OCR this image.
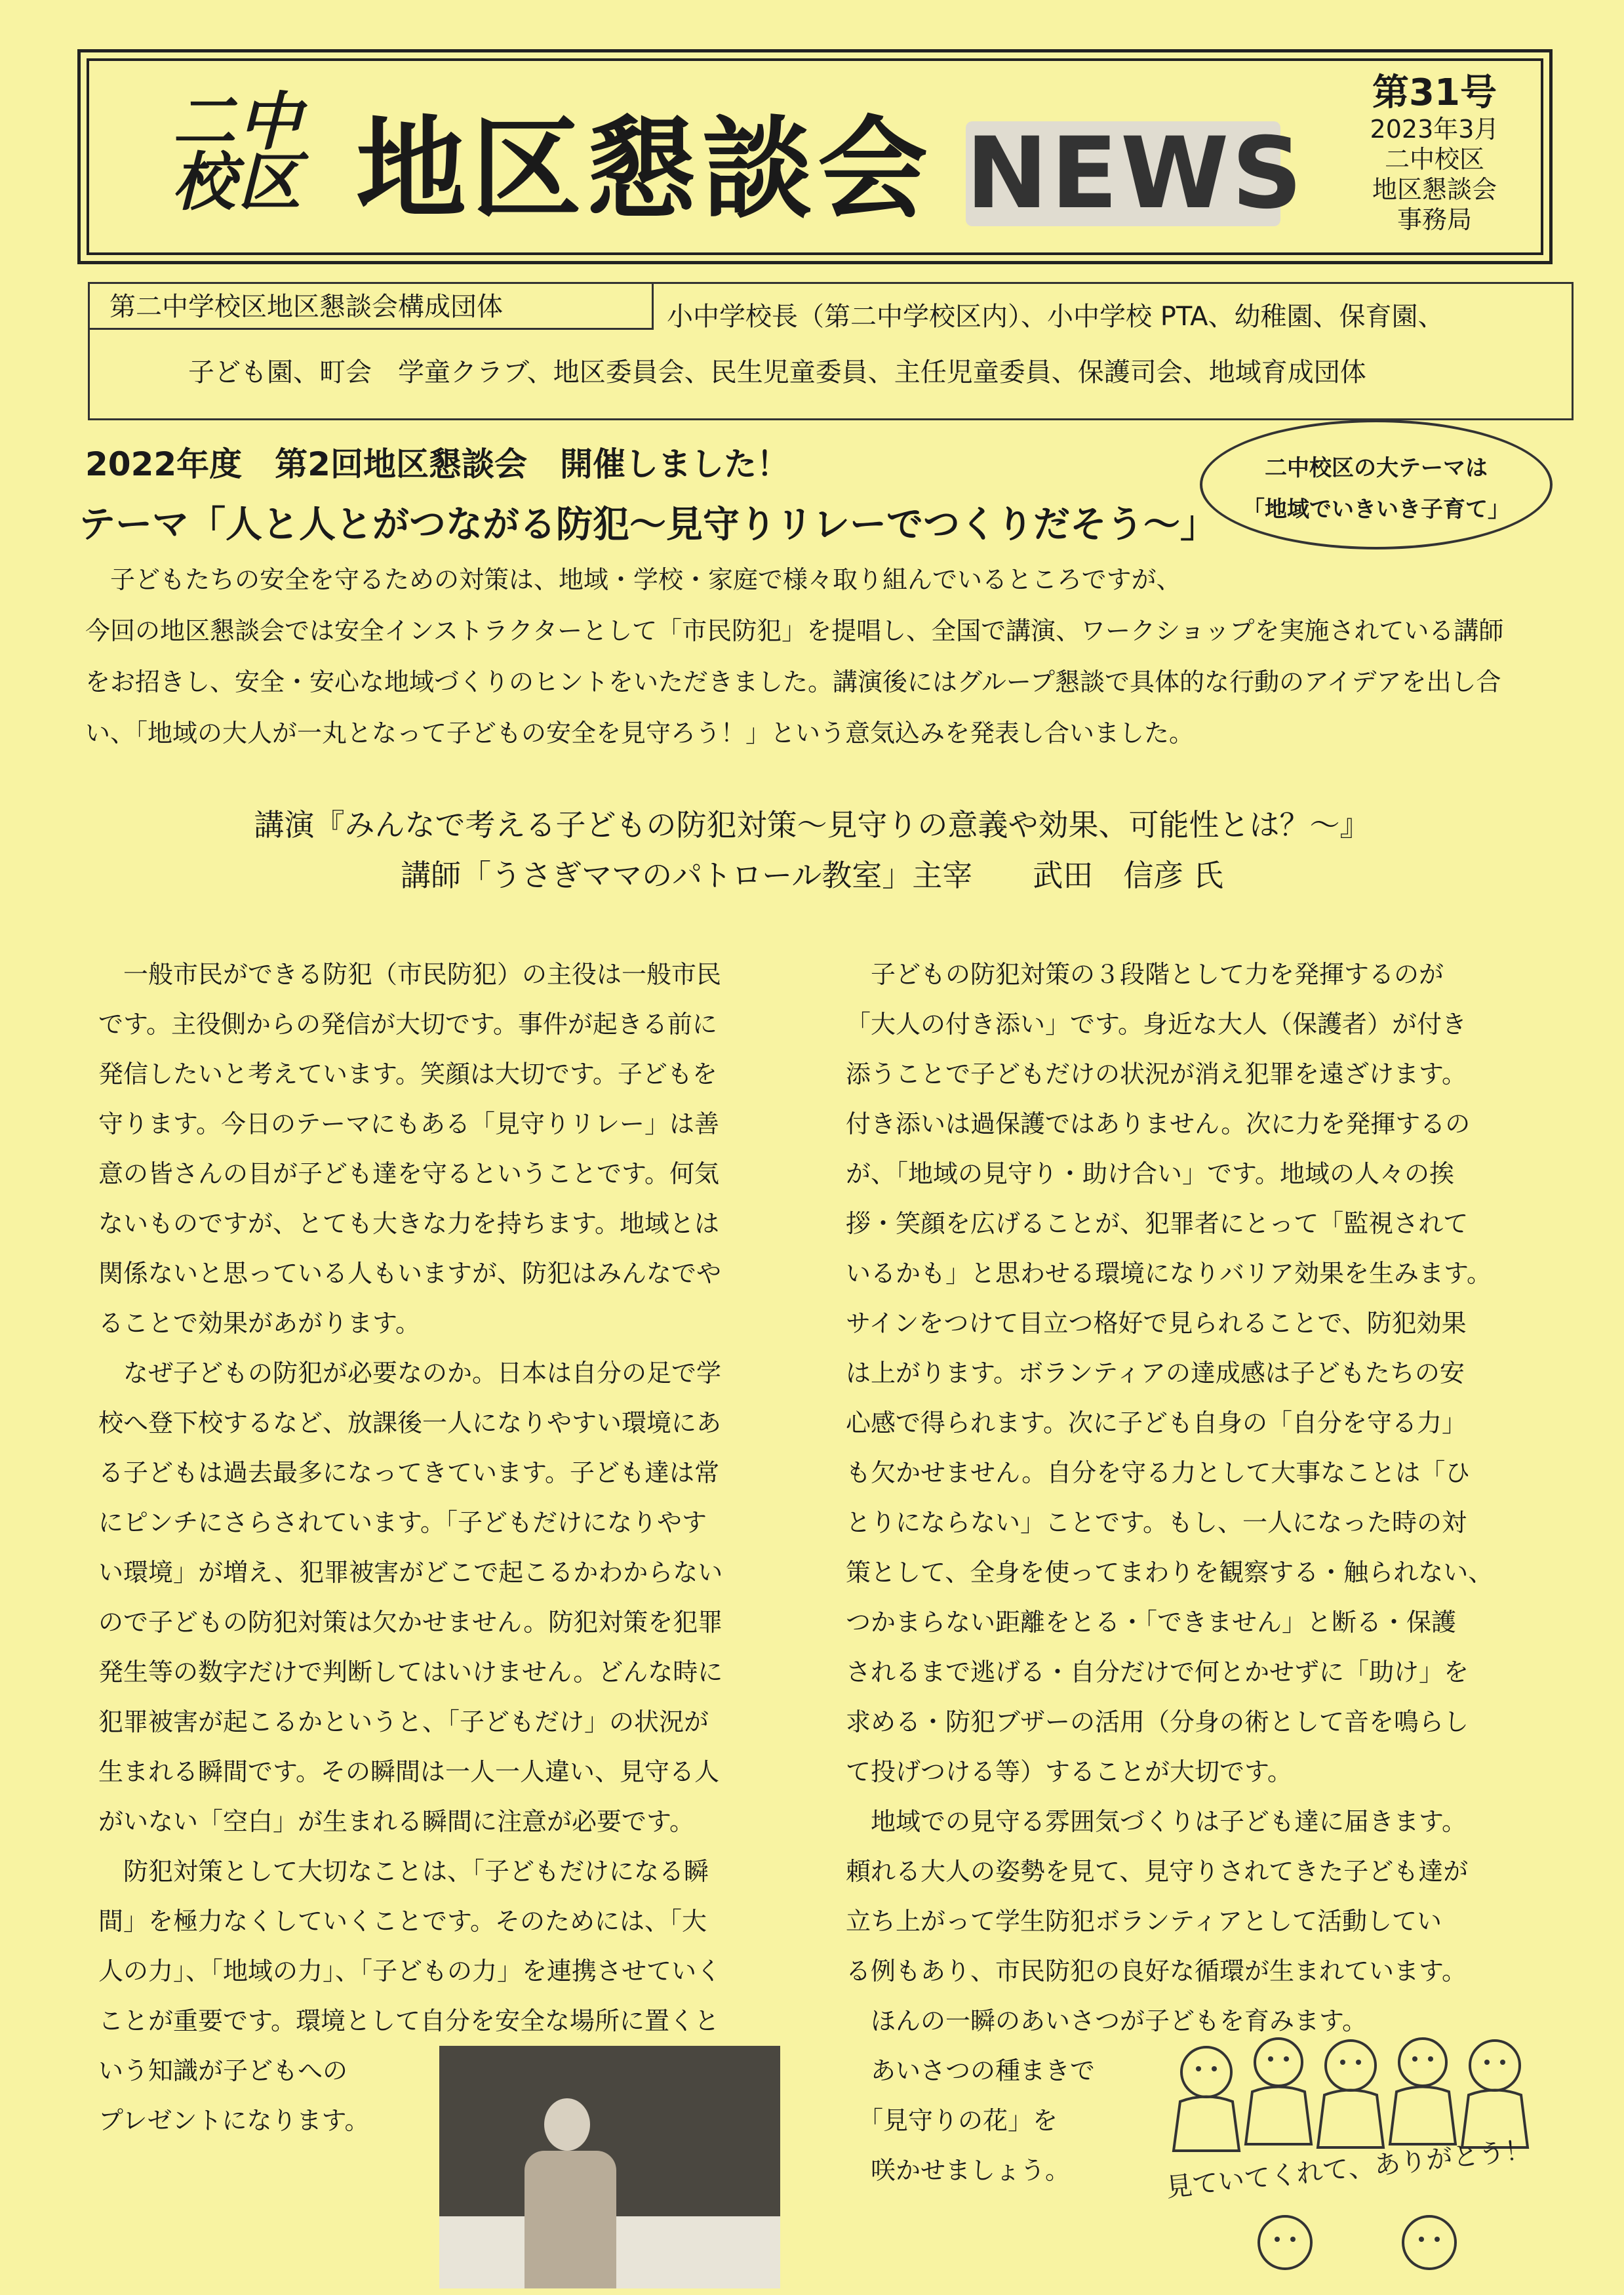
二中
校区 地区懇談会 NEWS
第31号
2023年3月
二中校区
地区懇談会
事務局
第二中学校区地区懇談会構成団体	小中学校長（第二中学校区内）、小中学校 PTA、幼稚園、保育園、
子ども園、町会　学童クラブ、地区委員会、民生児童委員、主任児童委員、保護司会、地域育成団体
二中校区の大テーマは
「地域でいきいき子育て」
2022年度　第2回地区懇談会　開催しました！
テーマ「人と人とがつながる防犯～見守りリレーでつくりだそう～」

　子どもたちの安全を守るための対策は、地域・学校・家庭で様々取り組んでいるところですが、

今回の地区懇談会では安全インストラクターとして「市民防犯」を提唱し、全国で講演、ワークショップを実施されている講師

をお招きし、安全・安心な地域づくりのヒントをいただきました。講演後にはグループ懇談で具体的な行動のアイデアを出し合

い、「地域の大人が一丸となって子どもの安全を見守ろう！」という意気込みを発表し合いました。

講演『みんなで考える子どもの防犯対策～見守りの意義や効果、可能性とは？～』
講師「うさぎママのパトロール教室」主宰　　武田　信彦 氏

　一般市民ができる防犯（市民防犯）の主役は一般市民

です。主役側からの発信が大切です。事件が起きる前に

発信したいと考えています。笑顔は大切です。子どもを

守ります。今日のテーマにもある「見守りリレー」は善

意の皆さんの目が子ども達を守るということです。何気

ないものですが、とても大きな力を持ちます。地域とは

関係ないと思っている人もいますが、防犯はみんなでや

ることで効果があがります。

　なぜ子どもの防犯が必要なのか。日本は自分の足で学

校へ登下校するなど、放課後一人になりやすい環境にあ

る子どもは過去最多になってきています。子ども達は常

にピンチにさらされています。「子どもだけになりやす

い環境」が増え、犯罪被害がどこで起こるかわからない

ので子どもの防犯対策は欠かせません。防犯対策を犯罪

発生等の数字だけで判断してはいけません。どんな時に

犯罪被害が起こるかというと、「子どもだけ」の状況が

生まれる瞬間です。その瞬間は一人一人違い、見守る人

がいない「空白」が生まれる瞬間に注意が必要です。

　防犯対策として大切なことは、「子どもだけになる瞬

間」を極力なくしていくことです。そのためには、「大

人の力」、「地域の力」、「子どもの力」を連携させていく

ことが重要です。環境として自分を安全な場所に置くと

いう知識が子どもへの

プレゼントになります。

　子どもの防犯対策の３段階として力を発揮するのが

「大人の付き添い」です。身近な大人（保護者）が付き

添うことで子どもだけの状況が消え犯罪を遠ざけます。

付き添いは過保護ではありません。次に力を発揮するの

が、「地域の見守り・助け合い」です。地域の人々の挨

拶・笑顔を広げることが、犯罪者にとって「監視されて

いるかも」と思わせる環境になりバリア効果を生みます。

サインをつけて目立つ格好で見られることで、防犯効果

は上がります。ボランティアの達成感は子どもたちの安

心感で得られます。次に子ども自身の「自分を守る力」

も欠かせません。自分を守る力として大事なことは「ひ

とりにならない」ことです。もし、一人になった時の対

策として、全身を使ってまわりを観察する・触られない、

つかまらない距離をとる・「できません」と断る・保護

されるまで逃げる・自分だけで何とかせずに「助け」を

求める・防犯ブザーの活用（分身の術として音を鳴らし

て投げつける等）することが大切です。

　地域での見守る雰囲気づくりは子ども達に届きます。

頼れる大人の姿勢を見て、見守りされてきた子ども達が

立ち上がって学生防犯ボランティアとして活動してい

る例もあり、市民防犯の良好な循環が生まれています。

　ほんの一瞬のあいさつが子どもを育みます。

　あいさつの種まきで

　「見守りの花」を

　咲かせましょう。	見ていてくれて、ありがとう！
